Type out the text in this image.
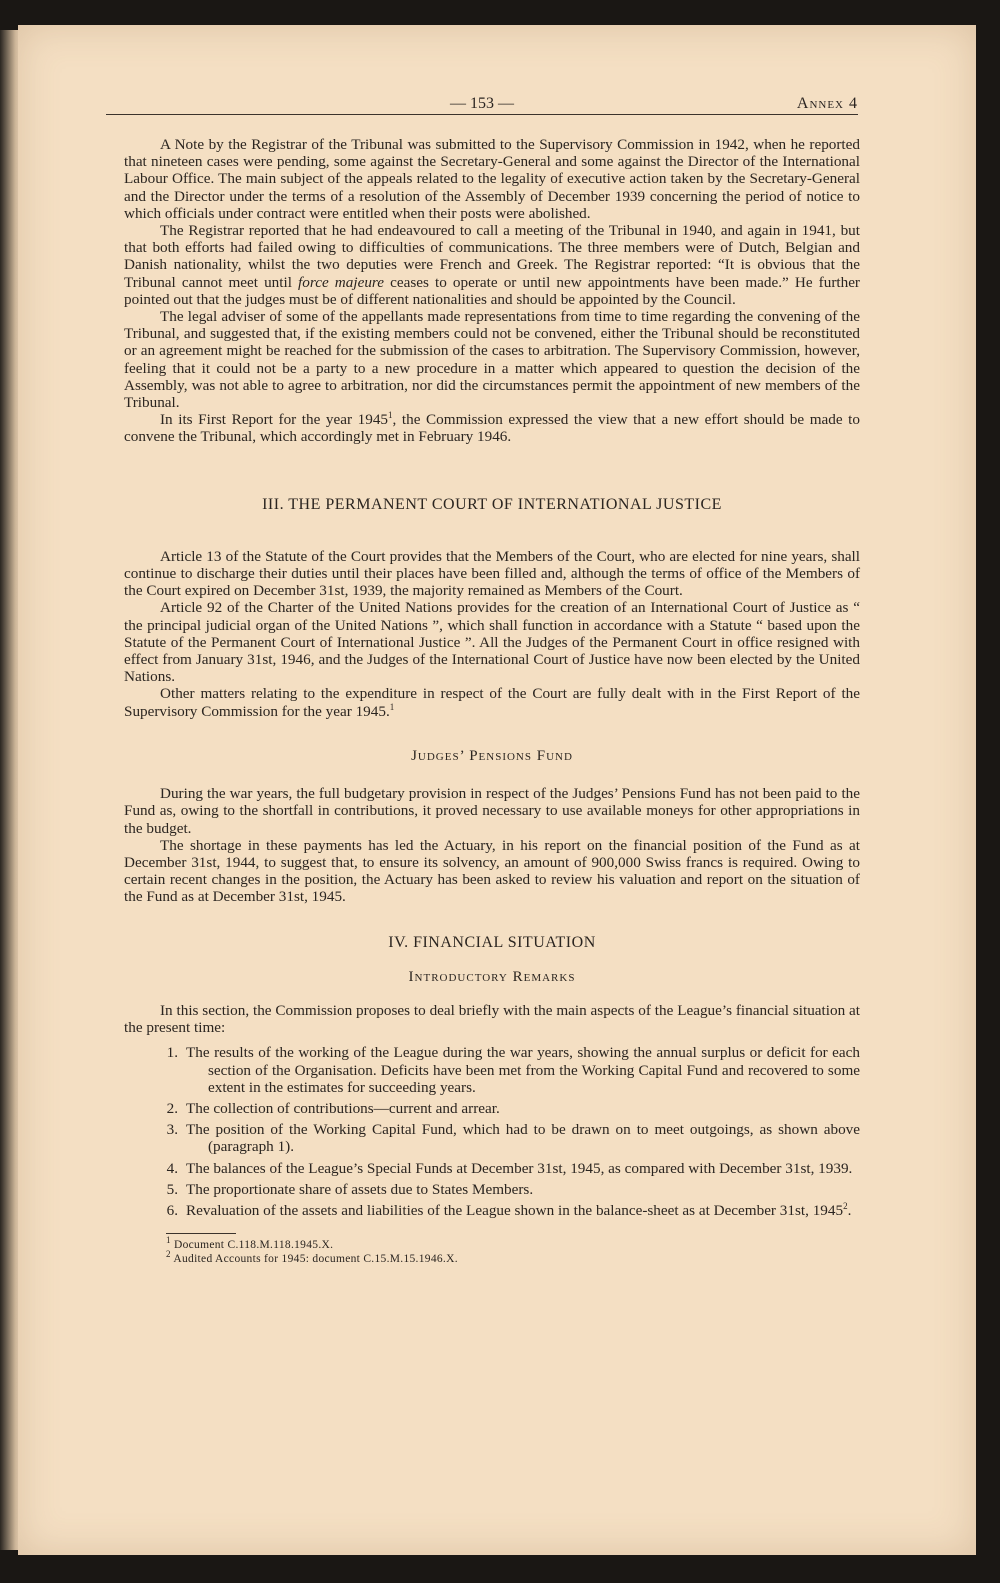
— 153 —	Annex 4

A Note by the Registrar of the Tribunal was submitted to the Supervisory Commission in 1942, when he reported that nineteen cases were pending, some against the Secretary-General and some against the Director of the International Labour Office. The main subject of the appeals related to the legality of executive action taken by the Secretary-General and the Director under the terms of a resolution of the Assembly of December 1939 concerning the period of notice to which officials under contract were entitled when their posts were abolished.

The Registrar reported that he had endeavoured to call a meeting of the Tribunal in 1940, and again in 1941, but that both efforts had failed owing to difficulties of communications. The three members were of Dutch, Belgian and Danish nationality, whilst the two deputies were French and Greek. The Registrar reported: “It is obvious that the Tribunal cannot meet until force majeure ceases to operate or until new appointments have been made.” He further pointed out that the judges must be of different nationalities and should be appointed by the Council.

The legal adviser of some of the appellants made representations from time to time regarding the convening of the Tribunal, and suggested that, if the existing members could not be convened, either the Tribunal should be reconstituted or an agreement might be reached for the submission of the cases to arbitration. The Supervisory Commission, however, feeling that it could not be a party to a new procedure in a matter which appeared to question the decision of the Assembly, was not able to agree to arbitration, nor did the circumstances permit the appointment of new members of the Tribunal.

In its First Report for the year 1945$^1$, the Commission expressed the view that a new effort should be made to convene the Tribunal, which accordingly met in February 1946.

III. THE PERMANENT COURT OF INTERNATIONAL JUSTICE

Article 13 of the Statute of the Court provides that the Members of the Court, who are elected for nine years, shall continue to discharge their duties until their places have been filled and, although the terms of office of the Members of the Court expired on December 31st, 1939, the majority remained as Members of the Court.

Article 92 of the Charter of the United Nations provides for the creation of an International Court of Justice as “ the principal judicial organ of the United Nations ”, which shall function in accordance with a Statute “ based upon the Statute of the Permanent Court of International Justice ”. All the Judges of the Permanent Court in office resigned with effect from January 31st, 1946, and the Judges of the International Court of Justice have now been elected by the United Nations.

Other matters relating to the expenditure in respect of the Court are fully dealt with in the First Report of the Supervisory Commission for the year 1945.$^1$

Judges’ Pensions Fund

During the war years, the full budgetary provision in respect of the Judges’ Pensions Fund has not been paid to the Fund as, owing to the shortfall in contributions, it proved necessary to use available moneys for other appropriations in the budget.

The shortage in these payments has led the Actuary, in his report on the financial position of the Fund as at December 31st, 1944, to suggest that, to ensure its solvency, an amount of 900,000 Swiss francs is required. Owing to certain recent changes in the position, the Actuary has been asked to review his valuation and report on the situation of the Fund as at December 31st, 1945.

IV. FINANCIAL SITUATION
Introductory Remarks

In this section, the Commission proposes to deal briefly with the main aspects of the League’s financial situation at the present time:

1. The results of the working of the League during the war years, showing the annual surplus or deficit for each section of the Organisation. Deficits have been met from the Working Capital Fund and recovered to some extent in the estimates for succeeding years.
2. The collection of contributions—current and arrear.
3. The position of the Working Capital Fund, which had to be drawn on to meet outgoings, as shown above (paragraph 1).
4. The balances of the League’s Special Funds at December 31st, 1945, as compared with December 31st, 1939.
5. The proportionate share of assets due to States Members.
6. Revaluation of the assets and liabilities of the League shown in the balance-sheet as at December 31st, 1945$^2$.
$^1$ Document C.118.M.118.1945.X.
$^2$ Audited Accounts for 1945: document C.15.M.15.1946.X.
